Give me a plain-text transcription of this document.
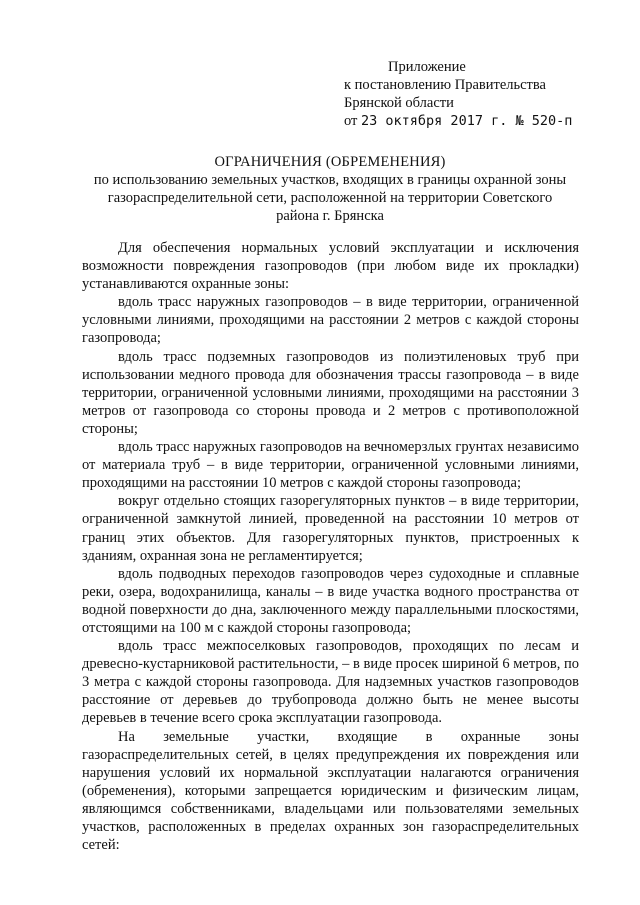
Приложение
к постановлению Правительства
Брянской области
от 23 октября 2017 г. № 520-п
ОГРАНИЧЕНИЯ (ОБРЕМЕНЕНИЯ)
по использованию земельных участков, входящих в границы охранной зоны
газораспределительной сети, расположенной на территории Советского
района г. Брянска

Для обеспечения нормальных условий эксплуатации и исключения возможности повреждения газопроводов (при любом виде их прокладки) устанавливаются охранные зоны:

вдоль трасс наружных газопроводов – в виде территории, ограниченной условными линиями, проходящими на расстоянии 2 метров с каждой стороны газопровода;

вдоль трасс подземных газопроводов из полиэтиленовых труб при использовании медного провода для обозначения трассы газопровода – в виде территории, ограниченной условными линиями, проходящими на расстоянии 3 метров от газопровода со стороны провода и 2 метров с противоположной стороны;

вдоль трасс наружных газопроводов на вечномерзлых грунтах независимо от материала труб – в виде территории, ограниченной условными линиями, проходящими на расстоянии 10 метров с каждой стороны газопровода;

вокруг отдельно стоящих газорегуляторных пунктов – в виде территории, ограниченной замкнутой линией, проведенной на расстоянии 10 метров от границ этих объектов. Для газорегуляторных пунктов, пристроенных к зданиям, охранная зона не регламентируется;

вдоль подводных переходов газопроводов через судоходные и сплавные реки, озера, водохранилища, каналы – в виде участка водного пространства от водной поверхности до дна, заключенного между параллельными плоскостями, отстоящими на 100 м с каждой стороны газопровода;

вдоль трасс межпоселковых газопроводов, проходящих по лесам и древесно-кустарниковой растительности, – в виде просек шириной 6 метров, по 3 метра с каждой стороны газопровода. Для надземных участков газопроводов расстояние от деревьев до трубопровода должно быть не менее высоты деревьев в течение всего срока эксплуатации газопровода.

На земельные участки, входящие в охранные зоны газораспределительных сетей, в целях предупреждения их повреждения или нарушения условий их нормальной эксплуатации налагаются ограничения (обременения), которыми запрещается юридическим и физическим лицам, являющимся собственниками, владельцами или пользователями земельных участков, расположенных в пределах охранных зон газораспределительных сетей:
